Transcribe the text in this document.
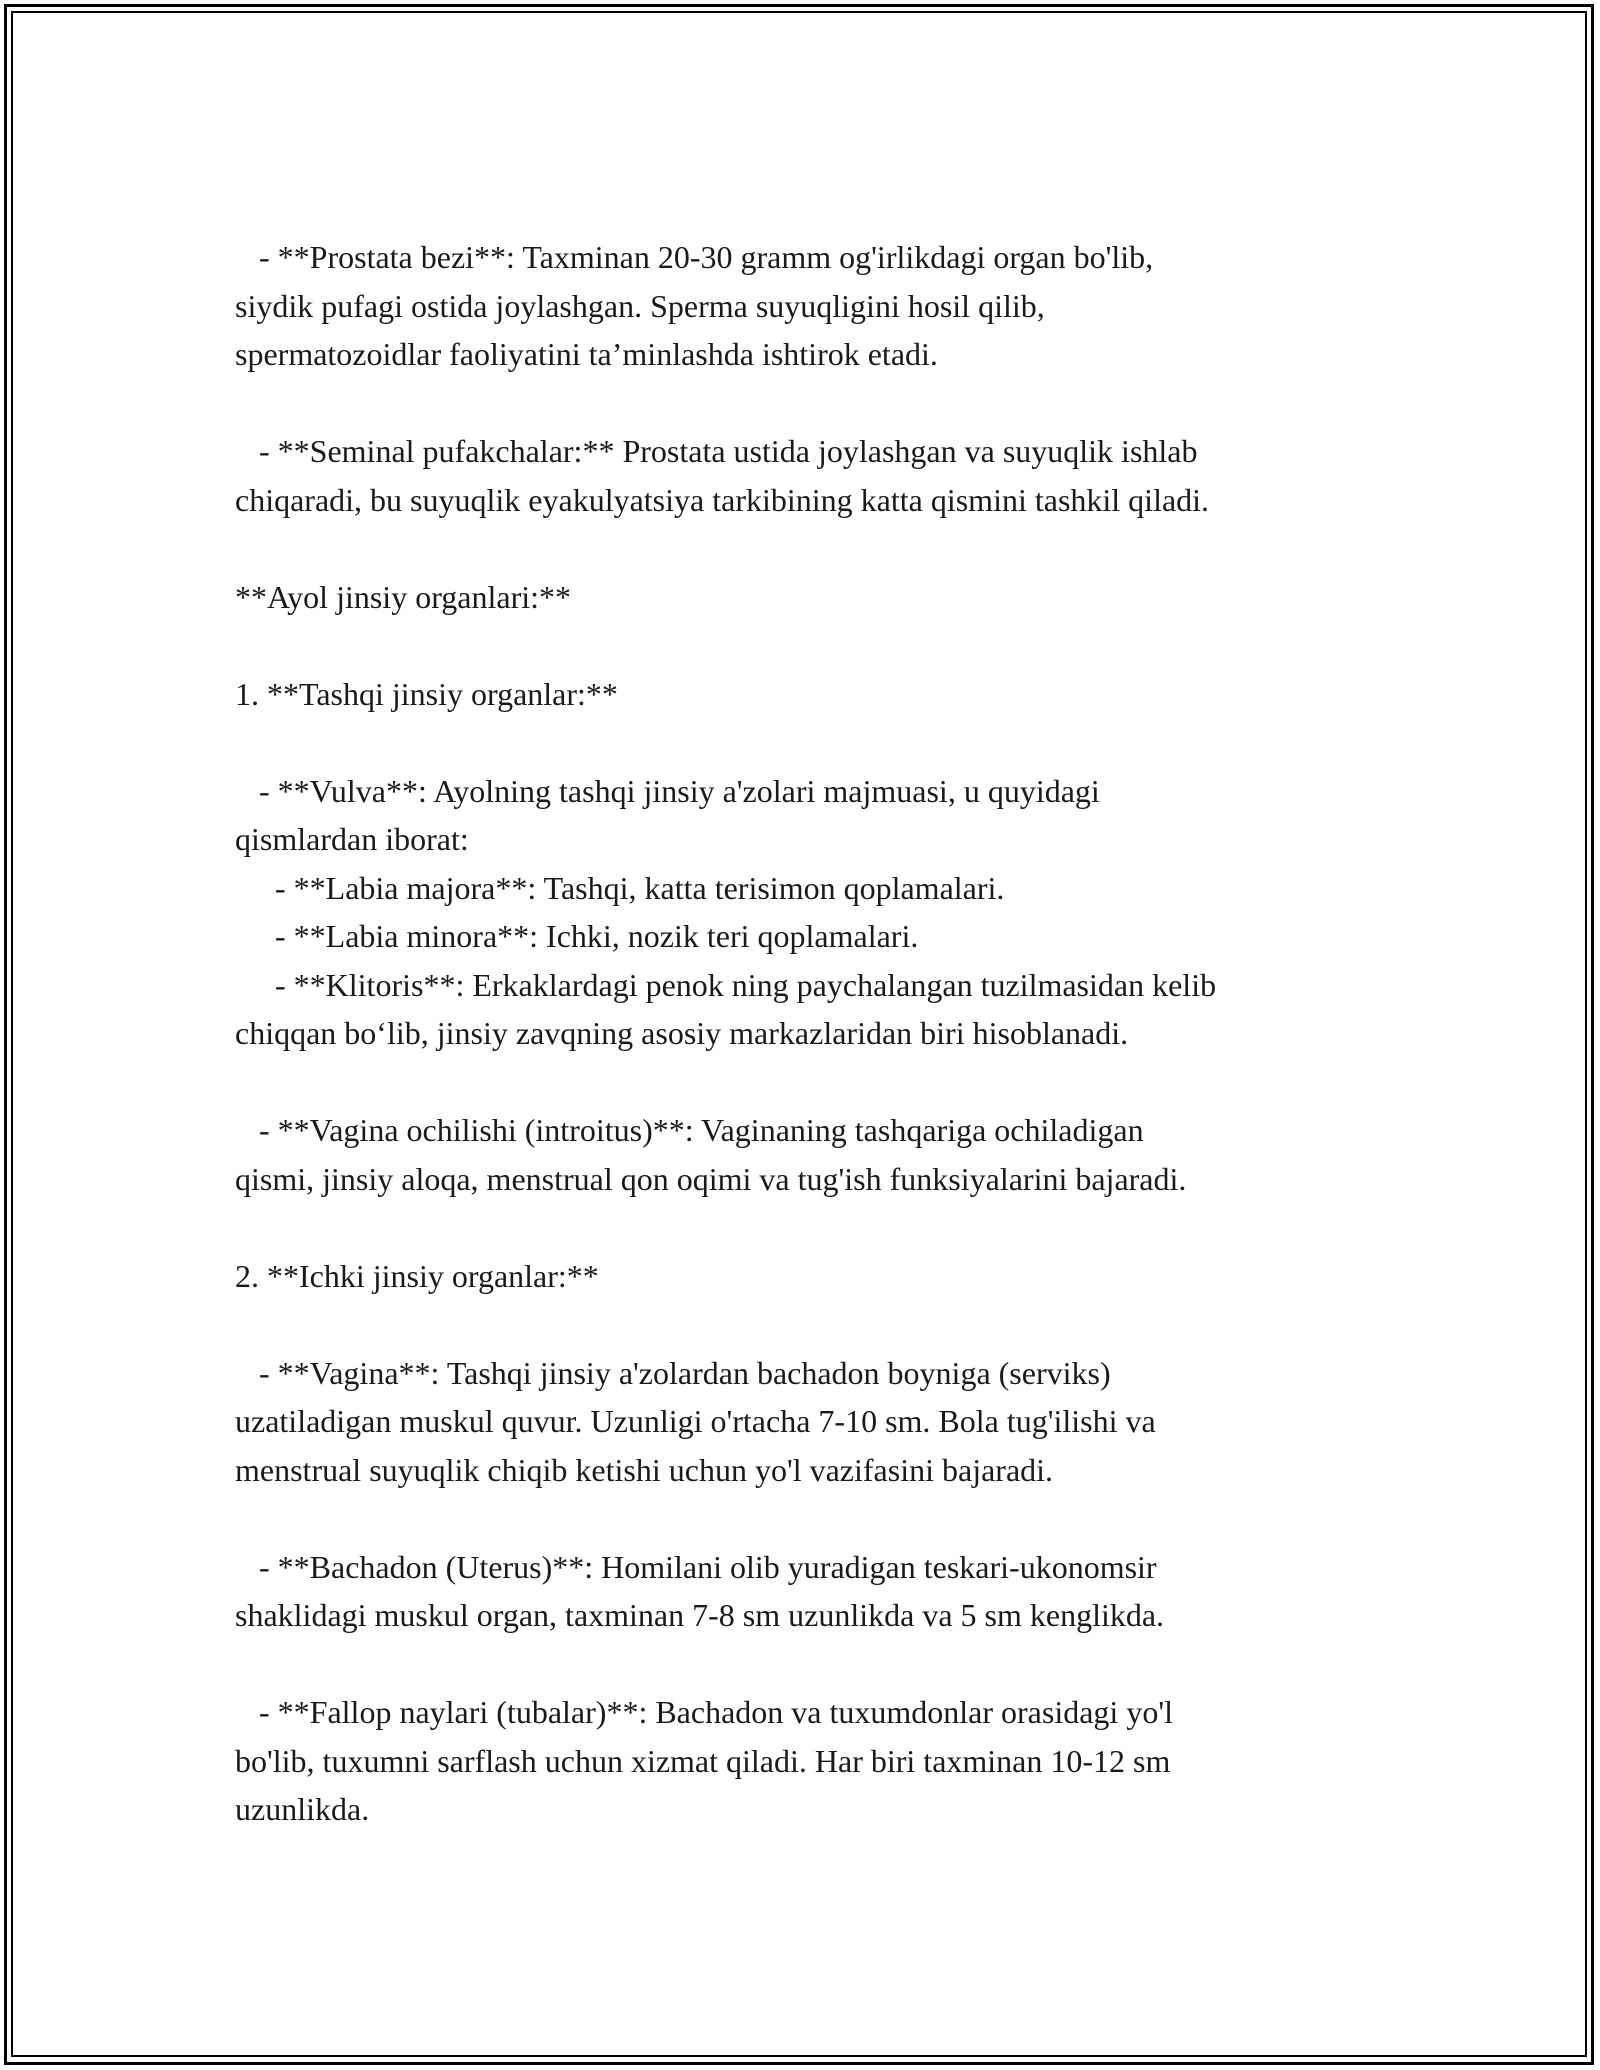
- **Prostata bezi**: Taxminan 20-30 gramm og'irlikdagi organ bo'lib,
siydik pufagi ostida joylashgan. Sperma suyuqligini hosil qilib,
spermatozoidlar faoliyatini ta’minlashda ishtirok etadi.
- **Seminal pufakchalar:** Prostata ustida joylashgan va suyuqlik ishlab
chiqaradi, bu suyuqlik eyakulyatsiya tarkibining katta qismini tashkil qiladi.
**Ayol jinsiy organlari:**
1. **Tashqi jinsiy organlar:**
- **Vulva**: Ayolning tashqi jinsiy a'zolari majmuasi, u quyidagi
qismlardan iborat:
- **Labia majora**: Tashqi, katta terisimon qoplamalari.
- **Labia minora**: Ichki, nozik teri qoplamalari.
- **Klitoris**: Erkaklardagi penok ning paychalangan tuzilmasidan kelib
chiqqan bo‘lib, jinsiy zavqning asosiy markazlaridan biri hisoblanadi.
- **Vagina ochilishi (introitus)**: Vaginaning tashqariga ochiladigan
qismi, jinsiy aloqa, menstrual qon oqimi va tug'ish funksiyalarini bajaradi.
2. **Ichki jinsiy organlar:**
- **Vagina**: Tashqi jinsiy a'zolardan bachadon boyniga (serviks)
uzatiladigan muskul quvur. Uzunligi o'rtacha 7-10 sm. Bola tug'ilishi va
menstrual suyuqlik chiqib ketishi uchun yo'l vazifasini bajaradi.
- **Bachadon (Uterus)**: Homilani olib yuradigan teskari-ukonomsir
shaklidagi muskul organ, taxminan 7-8 sm uzunlikda va 5 sm kenglikda.
- **Fallop naylari (tubalar)**: Bachadon va tuxumdonlar orasidagi yo'l
bo'lib, tuxumni sarflash uchun xizmat qiladi. Har biri taxminan 10-12 sm
uzunlikda.
